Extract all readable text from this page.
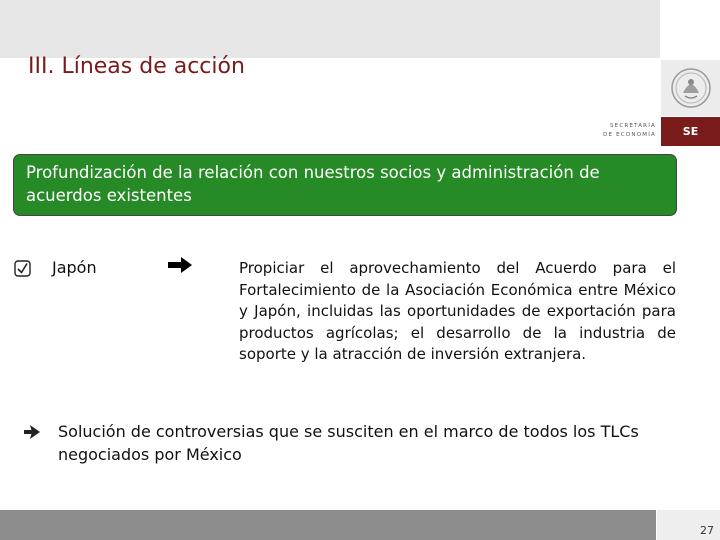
III. Líneas de acción
SECRETARÍA
DE ECONOMÍA	SE
Profundización de la relación con nuestros socios y administración de acuerdos existentes
Japón	Propiciar el aprovechamiento del Acuerdo para el Fortalecimiento de la Asociación Económica entre México y Japón, incluidas las oportunidades de exportación para productos agrícolas; el desarrollo de la industria de soporte y la atracción de inversión extranjera.
Solución de controversias que se susciten en el marco de todos los TLCs negociados por México
27
